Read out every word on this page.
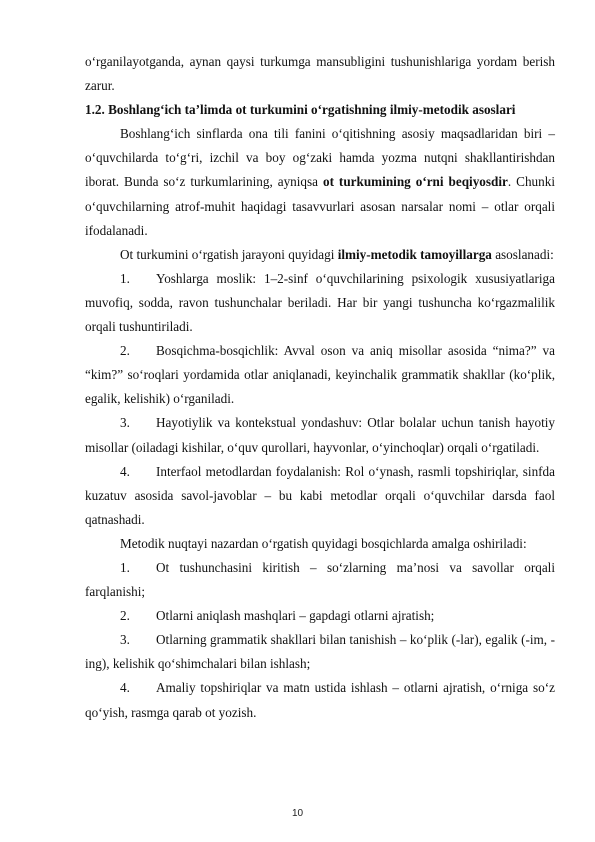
o‘rganilayotganda, aynan qaysi turkumga mansubligini tushunishlariga yordam berish zarur.

1.2. Boshlang‘ich ta’limda ot turkumini o‘rgatishning ilmiy-metodik asoslari

Boshlang‘ich sinflarda ona tili fanini o‘qitishning asosiy maqsadlaridan biri – o‘quvchilarda to‘g‘ri, izchil va boy og‘zaki hamda yozma nutqni shakllantirishdan iborat. Bunda so‘z turkumlarining, ayniqsa ot turkumining o‘rni beqiyosdir. Chunki o‘quvchilarning atrof-muhit haqidagi tasavvurlari asosan narsalar nomi – otlar orqali ifodalanadi.

Ot turkumini o‘rgatish jarayoni quyidagi ilmiy-metodik tamoyillarga asoslanadi:

1. Yoshlarga moslik: 1–2-sinf o‘quvchilarining psixologik xususiyatlariga muvofiq, sodda, ravon tushunchalar beriladi. Har bir yangi tushuncha ko‘rgazmalilik orqali tushuntiriladi.

2. Bosqichma-bosqichlik: Avval oson va aniq misollar asosida “nima?” va “kim?” so‘roqlari yordamida otlar aniqlanadi, keyinchalik grammatik shakllar (ko‘plik, egalik, kelishik) o‘rganiladi.

3. Hayotiylik va kontekstual yondashuv: Otlar bolalar uchun tanish hayotiy misollar (oiladagi kishilar, o‘quv qurollari, hayvonlar, o‘yinchoqlar) orqali o‘rgatiladi.

4. Interfaol metodlardan foydalanish: Rol o‘ynash, rasmli topshiriqlar, sinfda kuzatuv asosida savol-javoblar – bu kabi metodlar orqali o‘quvchilar darsda faol qatnashadi.

Metodik nuqtayi nazardan o‘rgatish quyidagi bosqichlarda amalga oshiriladi:

1. Ot tushunchasini kiritish – so‘zlarning ma’nosi va savollar orqali farqlanishi;

2. Otlarni aniqlash mashqlari – gapdagi otlarni ajratish;

3. Otlarning grammatik shakllari bilan tanishish – ko‘plik (-lar), egalik (-im, -ing), kelishik qo‘shimchalari bilan ishlash;

4. Amaliy topshiriqlar va matn ustida ishlash – otlarni ajratish, o‘rniga so‘z qo‘yish, rasmga qarab ot yozish.

10
